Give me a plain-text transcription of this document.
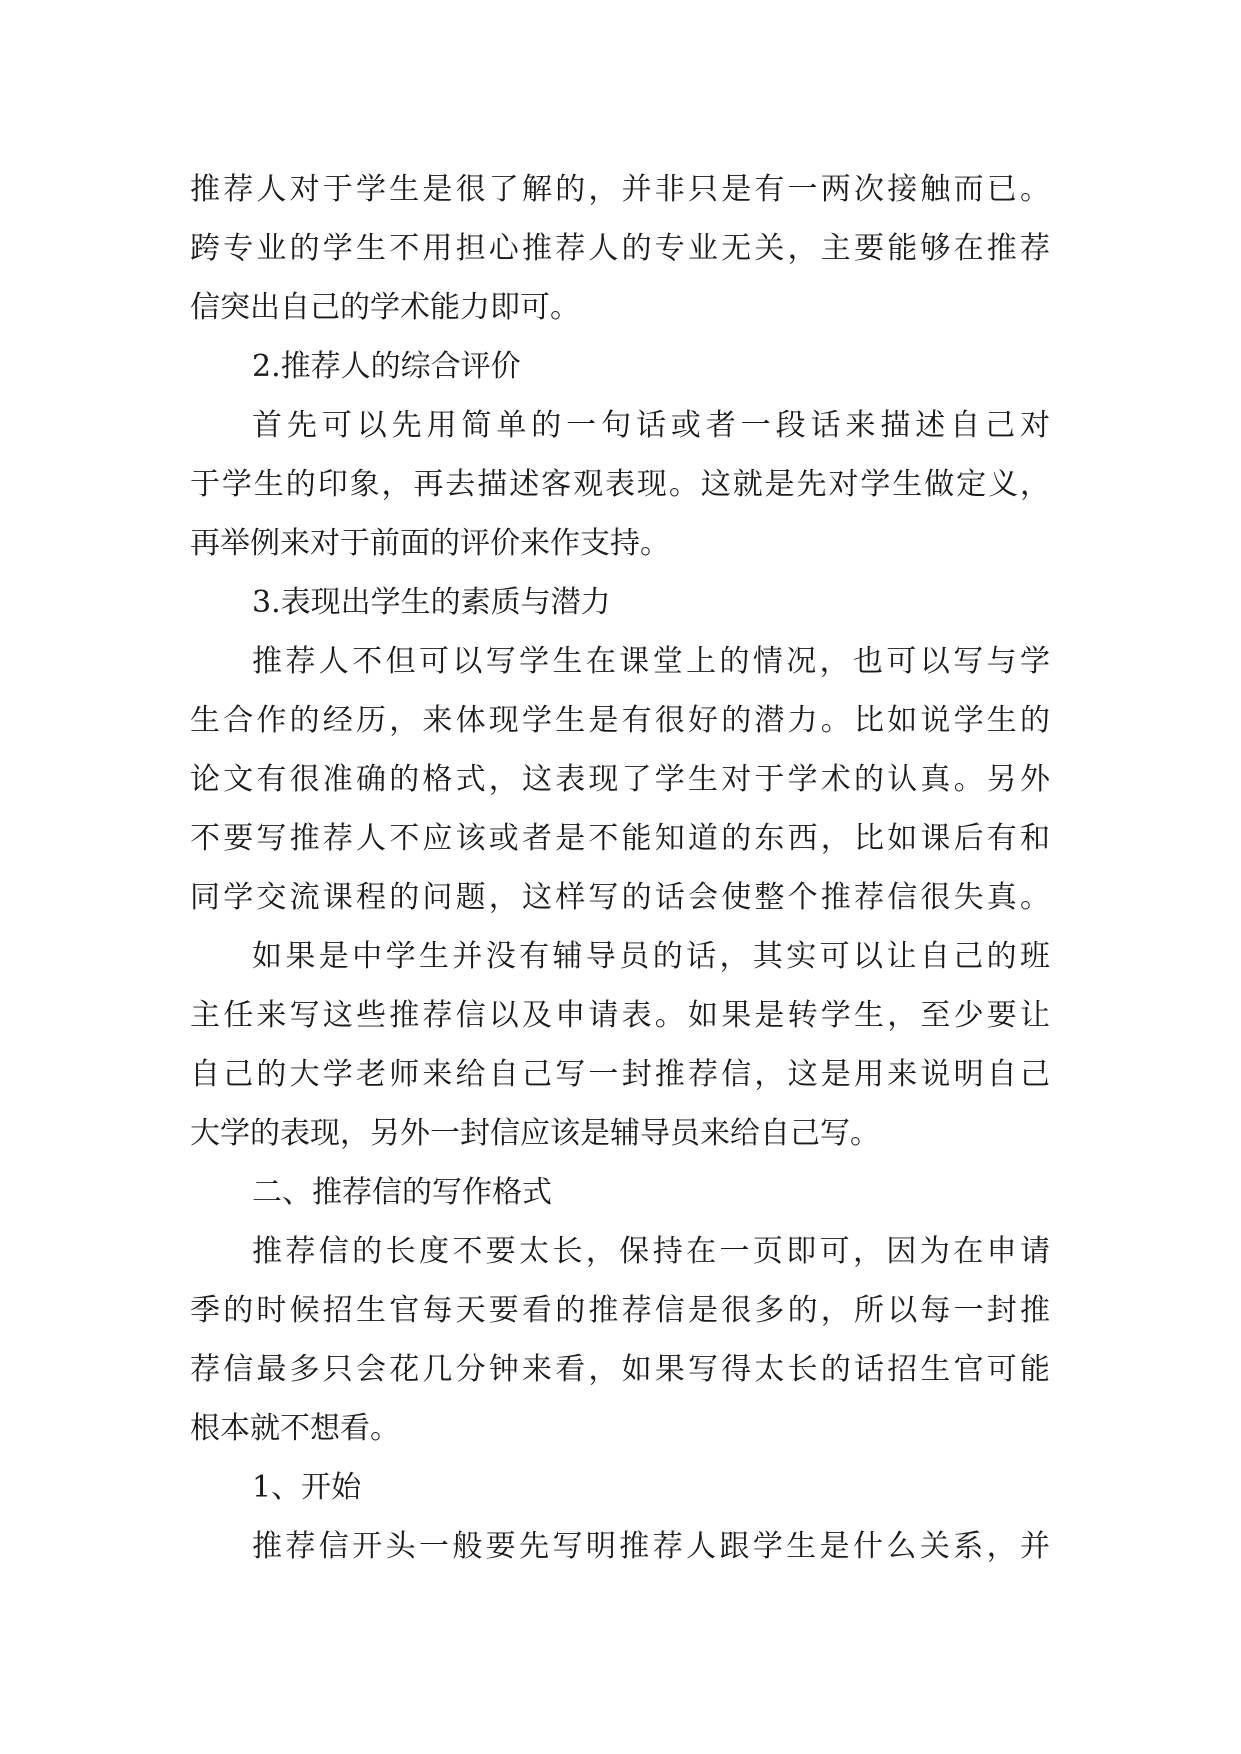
推荐人对于学生是很了解的，并非只是有一两次接触而已。
跨专业的学生不用担心推荐人的专业无关，主要能够在推荐
信突出自己的学术能力即可。
2.推荐人的综合评价
首先可以先用简单的一句话或者一段话来描述自己对
于学生的印象，再去描述客观表现。这就是先对学生做定义，
再举例来对于前面的评价来作支持。
3.表现出学生的素质与潜力
推荐人不但可以写学生在课堂上的情况，也可以写与学
生合作的经历，来体现学生是有很好的潜力。比如说学生的
论文有很准确的格式，这表现了学生对于学术的认真。另外
不要写推荐人不应该或者是不能知道的东西，比如课后有和
同学交流课程的问题，这样写的话会使整个推荐信很失真。
如果是中学生并没有辅导员的话，其实可以让自己的班
主任来写这些推荐信以及申请表。如果是转学生，至少要让
自己的大学老师来给自己写一封推荐信，这是用来说明自己
大学的表现，另外一封信应该是辅导员来给自己写。
二、推荐信的写作格式
推荐信的长度不要太长，保持在一页即可，因为在申请
季的时候招生官每天要看的推荐信是很多的，所以每一封推
荐信最多只会花几分钟来看，如果写得太长的话招生官可能
根本就不想看。
1、开始
推荐信开头一般要先写明推荐人跟学生是什么关系，并
